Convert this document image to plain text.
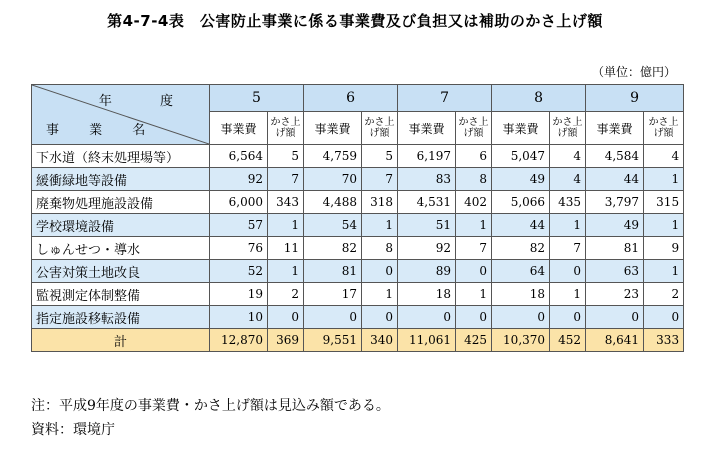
第4-7-4表　公害防止事業に係る事業費及び負担又は補助のかさ上げ額
（単位：億円）
年 度
事 業 名	5		6		7		8		9	
	事業費	かさ上げ額	事業費	かさ上げ額	事業費	かさ上げ額	事業費	かさ上げ額	事業費	かさ上げ額
下水道（終末処理場等）	6,564	5	4,759	5	6,197	6	5,047	4	4,584	4
緩衝緑地等設備	92	7	70	7	83	8	49	4	44	1
廃棄物処理施設設備	6,000	343	4,488	318	4,531	402	5,066	435	3,797	315
学校環境設備	57	1	54	1	51	1	44	1	49	1
しゅんせつ・導水	76	11	82	8	92	7	82	7	81	9
公害対策土地改良	52	1	81	0	89	0	64	0	63	1
監視測定体制整備	19	2	17	1	18	1	18	1	23	2
指定施設移転設備	10	0	0	0	0	0	0	0	0	0
計	12,870	369	9,551	340	11,061	425	10,370	452	8,641	333
注：平成9年度の事業費・かさ上げ額は見込み額である。
資料：環境庁
